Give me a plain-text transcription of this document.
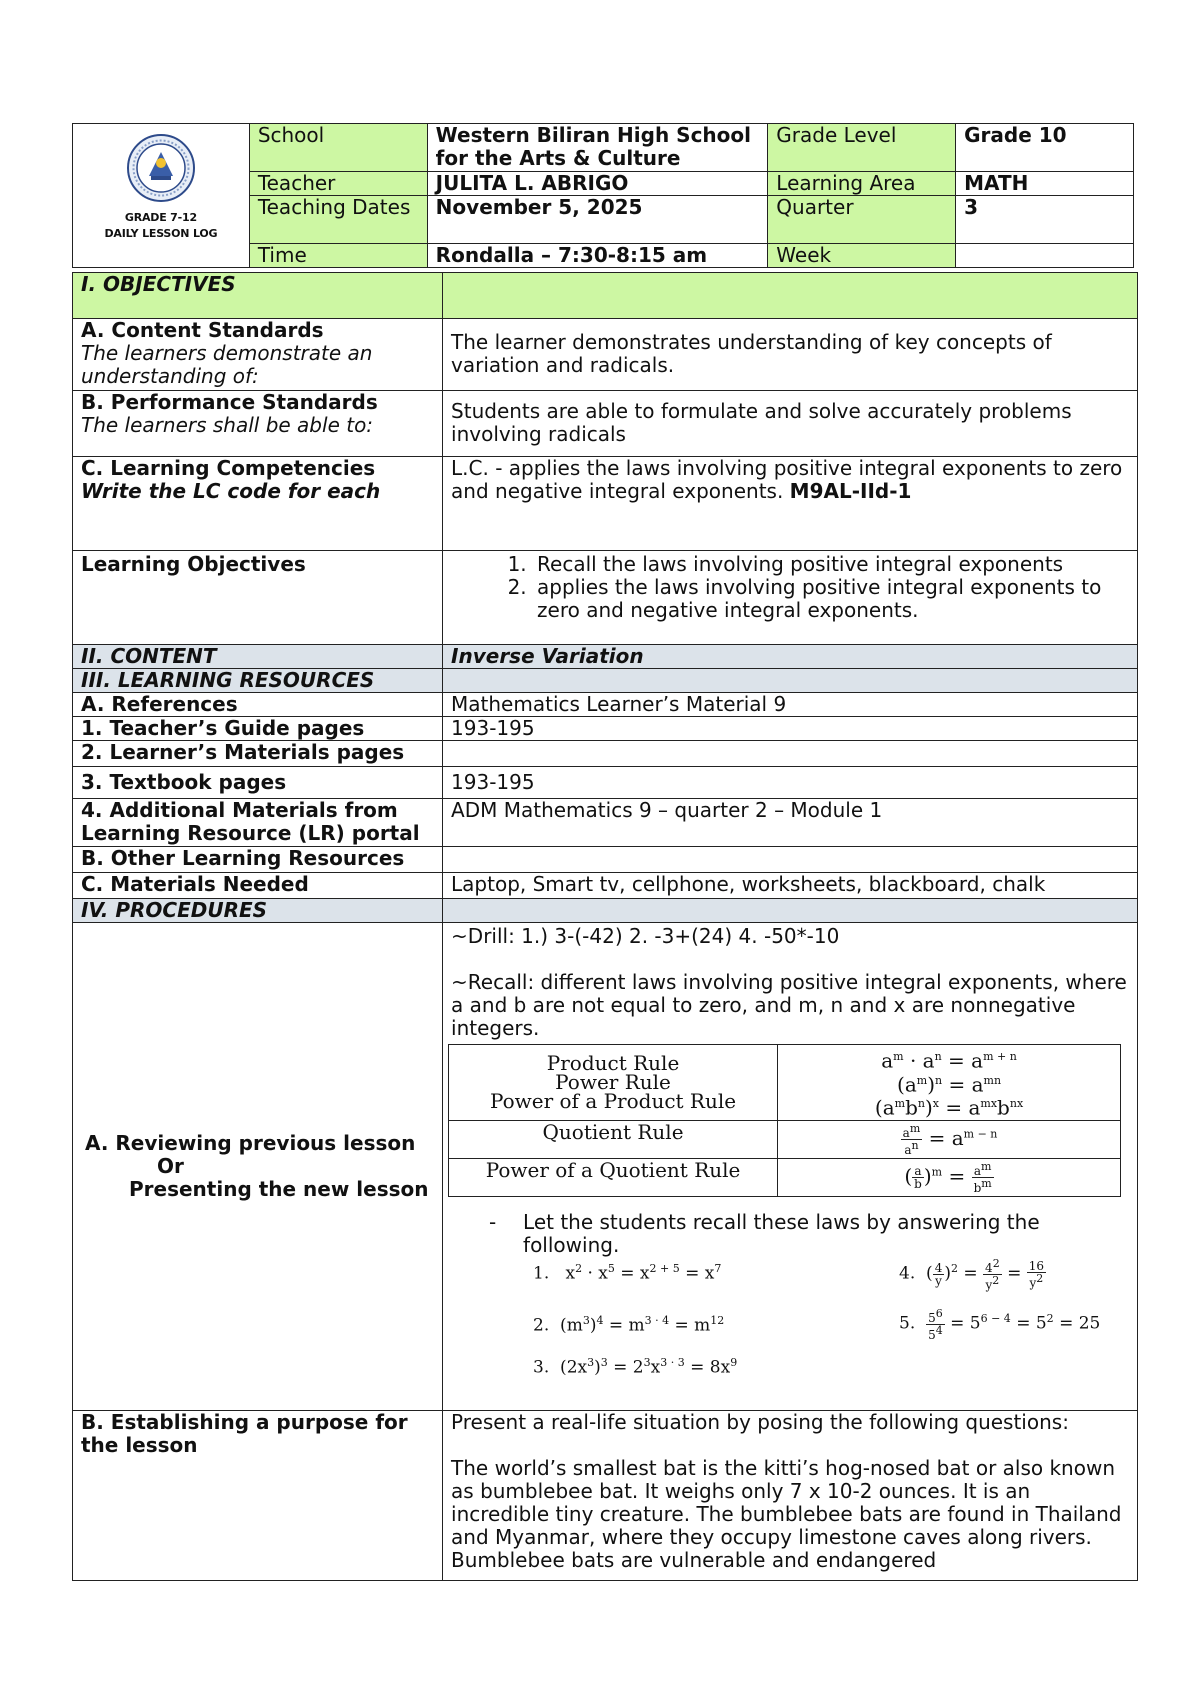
GRADE 7-12
DAILY LESSON LOG	School	Western Biliran High School for the Arts & Culture	Grade Level	Grade 10
	Teacher	JULITA L. ABRIGO	Learning Area	MATH
	Teaching Dates	November 5, 2025	Quarter	3
	Time	Rondalla – 7:30-8:15 am	Week	
I. OBJECTIVES	

A. Content Standards
The learners demonstrate an understanding of:
	The learner demonstrates understanding of key concepts of variation and radicals.

B. Performance Standards
The learners shall be able to:
	Students are able to formulate and solve accurately problems involving radicals

C. Learning Competencies
Write the LC code for each
	L.C. - applies the laws involving positive integral exponents to zero and negative integral exponents. M9AL-IId-1
Learning Objectives	
1.Recall the laws involving positive integral exponents
2. applies the laws involving positive integral exponents to zero and negative integral exponents.

II. CONTENT	Inverse Variation
III. LEARNING RESOURCES	
A. References	Mathematics Learner’s Material 9
1. Teacher’s Guide pages	193-195
2. Learner’s Materials pages	
3. Textbook pages	193-195
4. Additional Materials from Learning Resource (LR) portal	ADM Mathematics 9 – quarter 2 – Module 1
B. Other Learning Resources	
C. Materials Needed	Laptop, Smart tv, cellphone, worksheets, blackboard, chalk
IV. PROCEDURES	

A. Reviewing previous lesson
Or
Presenting the new lesson

~Drill: 1.) 3-(-42) 2. -3+(24) 4. -50*-10
~Recall: different laws involving positive integral exponents, where a and b are not equal to zero, and m, n and x are nonnegative integers.
Product Rule
Power Rule
Power of a Product Rule

$a^m \cdot a^n = a^{m + n}$
$(a^m)^n = a^{mn}$
$(a^mb^n)^x = a^{mx}b^{nx}$

Quotient Rule	$\frac{a^m}{a^n} = a^{m - n}$
Power of a Quotient Rule	( $\frac{a}{b} )^m = \frac{a^m}{b^m}$
- Let the students recall these laws by answering the following.
1.   $x^2 \cdot x^5 = x^{2 + 5} = x^7$
2.  $(m^3)^4 = m^{3 \cdot 4} = m^{12}$
3.  $(2x^3)^3 = 2^3x^{3 \cdot 3} = 8x^9$
4.  ( $\frac{4}{y} )^2 = \frac{4^2}{y^2} = \frac{16}{y^2}$
5. $\frac{5^6}{5^4} = 5^{6 - 4} = 5^2 = 25$

B. Establishing a purpose for the lesson	
Present a real-life situation by posing the following questions:
The world’s smallest bat is the kitti’s hog-nosed bat or also known as bumblebee bat. It weighs only 7 x 10-2 ounces. It is an incredible tiny creature. The bumblebee bats are found in Thailand and Myanmar, where they occupy limestone caves along rivers. Bumblebee bats are vulnerable and endangered
